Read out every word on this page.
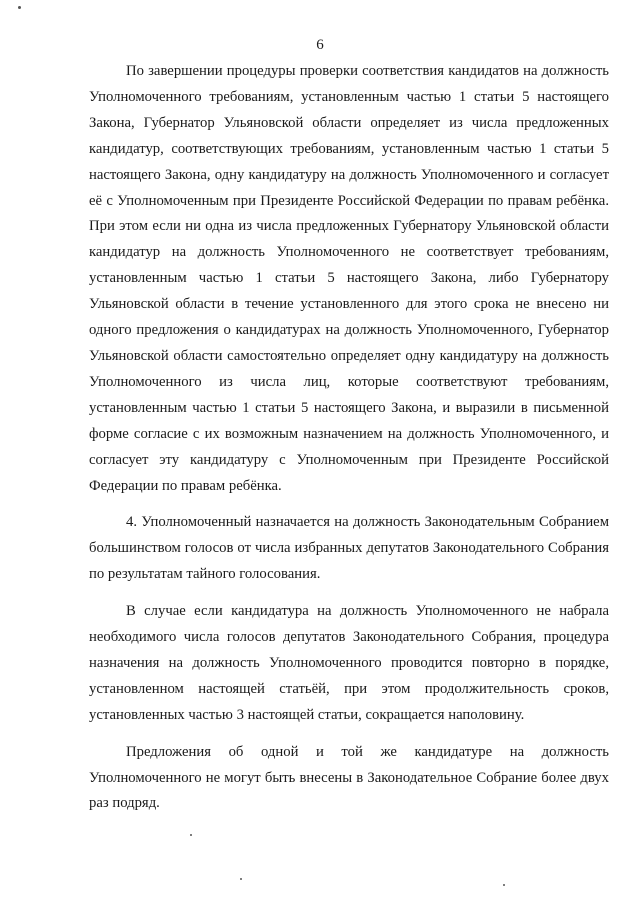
6

По завершении процедуры проверки соответствия кандидатов на должность Уполномоченного требованиям, установленным частью 1 статьи 5 настоящего Закона, Губернатор Ульяновской области определяет из числа предложенных кандидатур, соответствующих требованиям, установленным частью 1 статьи 5 настоящего Закона, одну кандидатуру на должность Уполномоченного и согласует её с Уполномоченным при Президенте Российской Федерации по правам ребёнка. При этом если ни одна из числа предложенных Губернатору Ульяновской области кандидатур на должность Уполномоченного не соответствует требованиям, установленным частью 1 статьи 5 настоящего Закона, либо Губернатору Ульяновской области в течение установленного для этого срока не внесено ни одного предложения о кандидатурах на должность Уполномоченного, Губернатор Ульяновской области самостоятельно определяет одну кандидатуру на должность Уполномоченного из числа лиц, которые соответствуют требованиям, установленным частью 1 статьи 5 настоящего Закона, и выразили в письменной форме согласие с их возможным назначением на должность Уполномоченного, и согласует эту кандидатуру с Уполномоченным при Президенте Российской Федерации по правам ребёнка.

4. Уполномоченный назначается на должность Законодательным Собранием большинством голосов от числа избранных депутатов Законодательного Собрания по результатам тайного голосования.

В случае если кандидатура на должность Уполномоченного не набрала необходимого числа голосов депутатов Законодательного Собрания, процедура назначения на должность Уполномоченного проводится повторно в порядке, установленном настоящей статьёй, при этом продолжительность сроков, установленных частью 3 настоящей статьи, сокращается наполовину.

Предложения об одной и той же кандидатуре на должность Уполномоченного не могут быть внесены в Законодательное Собрание более двух раз подряд.
